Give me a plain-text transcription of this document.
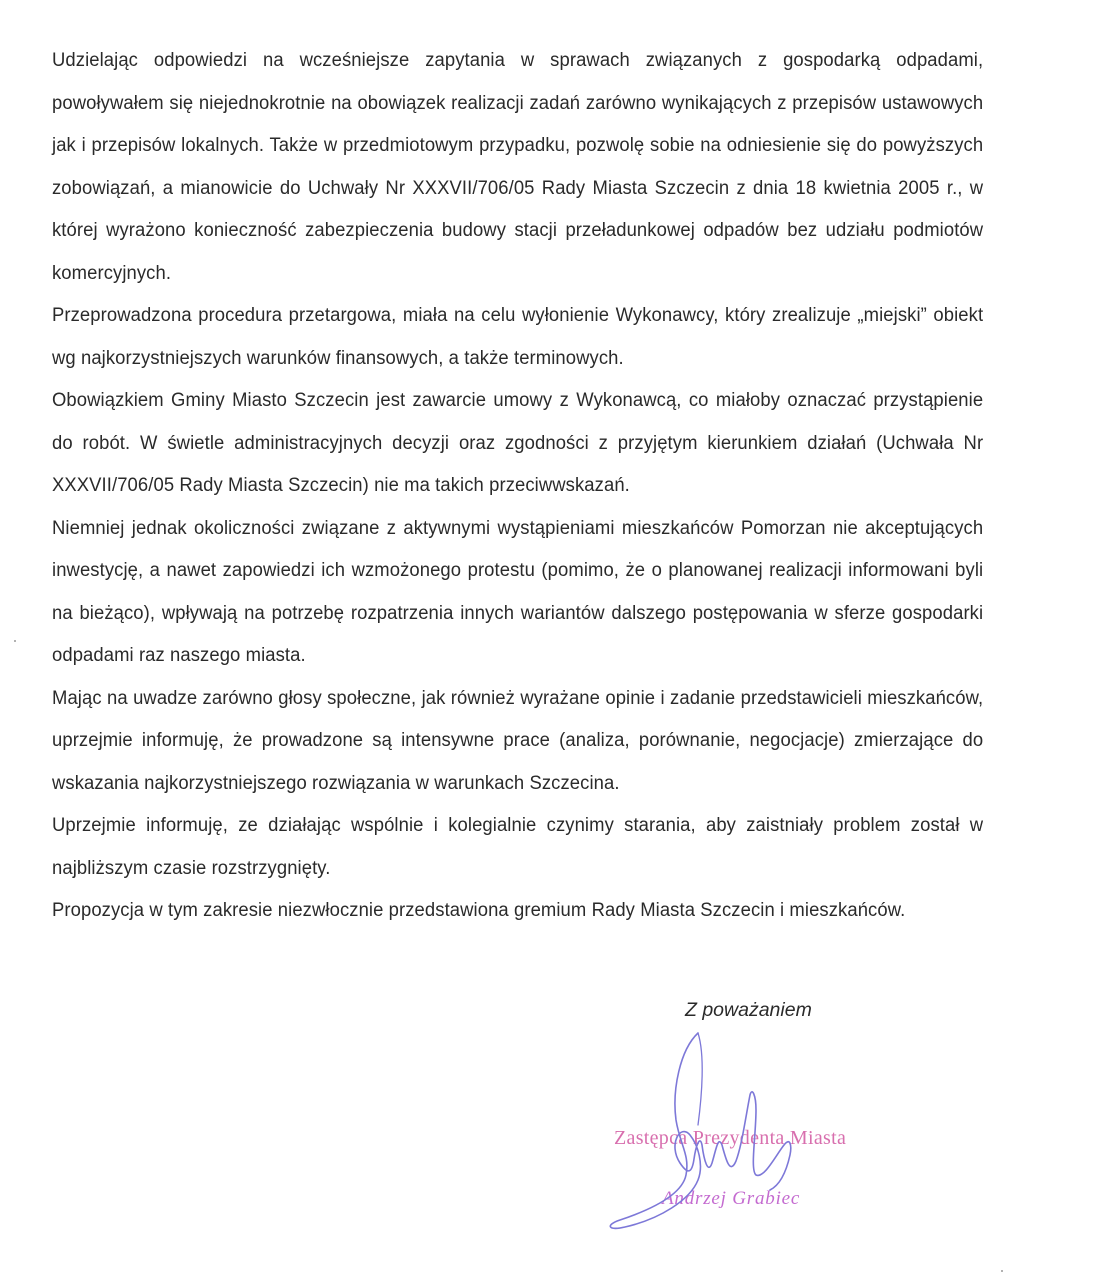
Udzielając odpowiedzi na wcześniejsze zapytania w sprawach związanych z gospodarką odpadami, powoływałem się niejednokrotnie na obowiązek realizacji zadań zarówno wynikających z przepisów ustawowych jak i przepisów lokalnych. Także w przedmiotowym przypadku, pozwolę sobie na odniesienie się do powyższych zobowiązań, a mianowicie do Uchwały Nr XXXVII/706/05 Rady Miasta Szczecin z dnia 18 kwietnia 2005 r., w której wyrażono konieczność zabezpieczenia budowy stacji przeładunkowej odpadów bez udziału podmiotów komercyjnych.

Przeprowadzona procedura przetargowa, miała na celu wyłonienie Wykonawcy, który zrealizuje „miejski” obiekt wg najkorzystniejszych warunków finansowych, a także terminowych.

Obowiązkiem Gminy Miasto Szczecin jest zawarcie umowy z Wykonawcą, co miałoby oznaczać przystąpienie do robót. W świetle administracyjnych decyzji oraz zgodności z przyjętym kierunkiem działań (Uchwała Nr XXXVII/706/05 Rady Miasta Szczecin) nie ma takich przeciwwskazań.

Niemniej jednak okoliczności związane z aktywnymi wystąpieniami mieszkańców Pomorzan nie akceptujących inwestycję, a nawet zapowiedzi ich wzmożonego protestu (pomimo, że o planowanej realizacji informowani byli na bieżąco), wpływają na potrzebę rozpatrzenia innych wariantów dalszego postępowania w sferze gospodarki odpadami raz naszego miasta.

Mając na uwadze zarówno głosy społeczne, jak również wyrażane opinie i zadanie przedstawicieli mieszkańców, uprzejmie informuję, że prowadzone są intensywne prace (analiza, porównanie, negocjacje) zmierzające do wskazania najkorzystniejszego rozwiązania w warunkach Szczecina.

Uprzejmie informuję, ze działając wspólnie i kolegialnie czynimy starania, aby zaistniały problem został w najbliższym czasie rozstrzygnięty.

Propozycja w tym zakresie niezwłocznie przedstawiona gremium Rady Miasta Szczecin i mieszkańców.

Z poważaniem

Zastępca Prezydenta Miasta

Andrzej Grabiec
